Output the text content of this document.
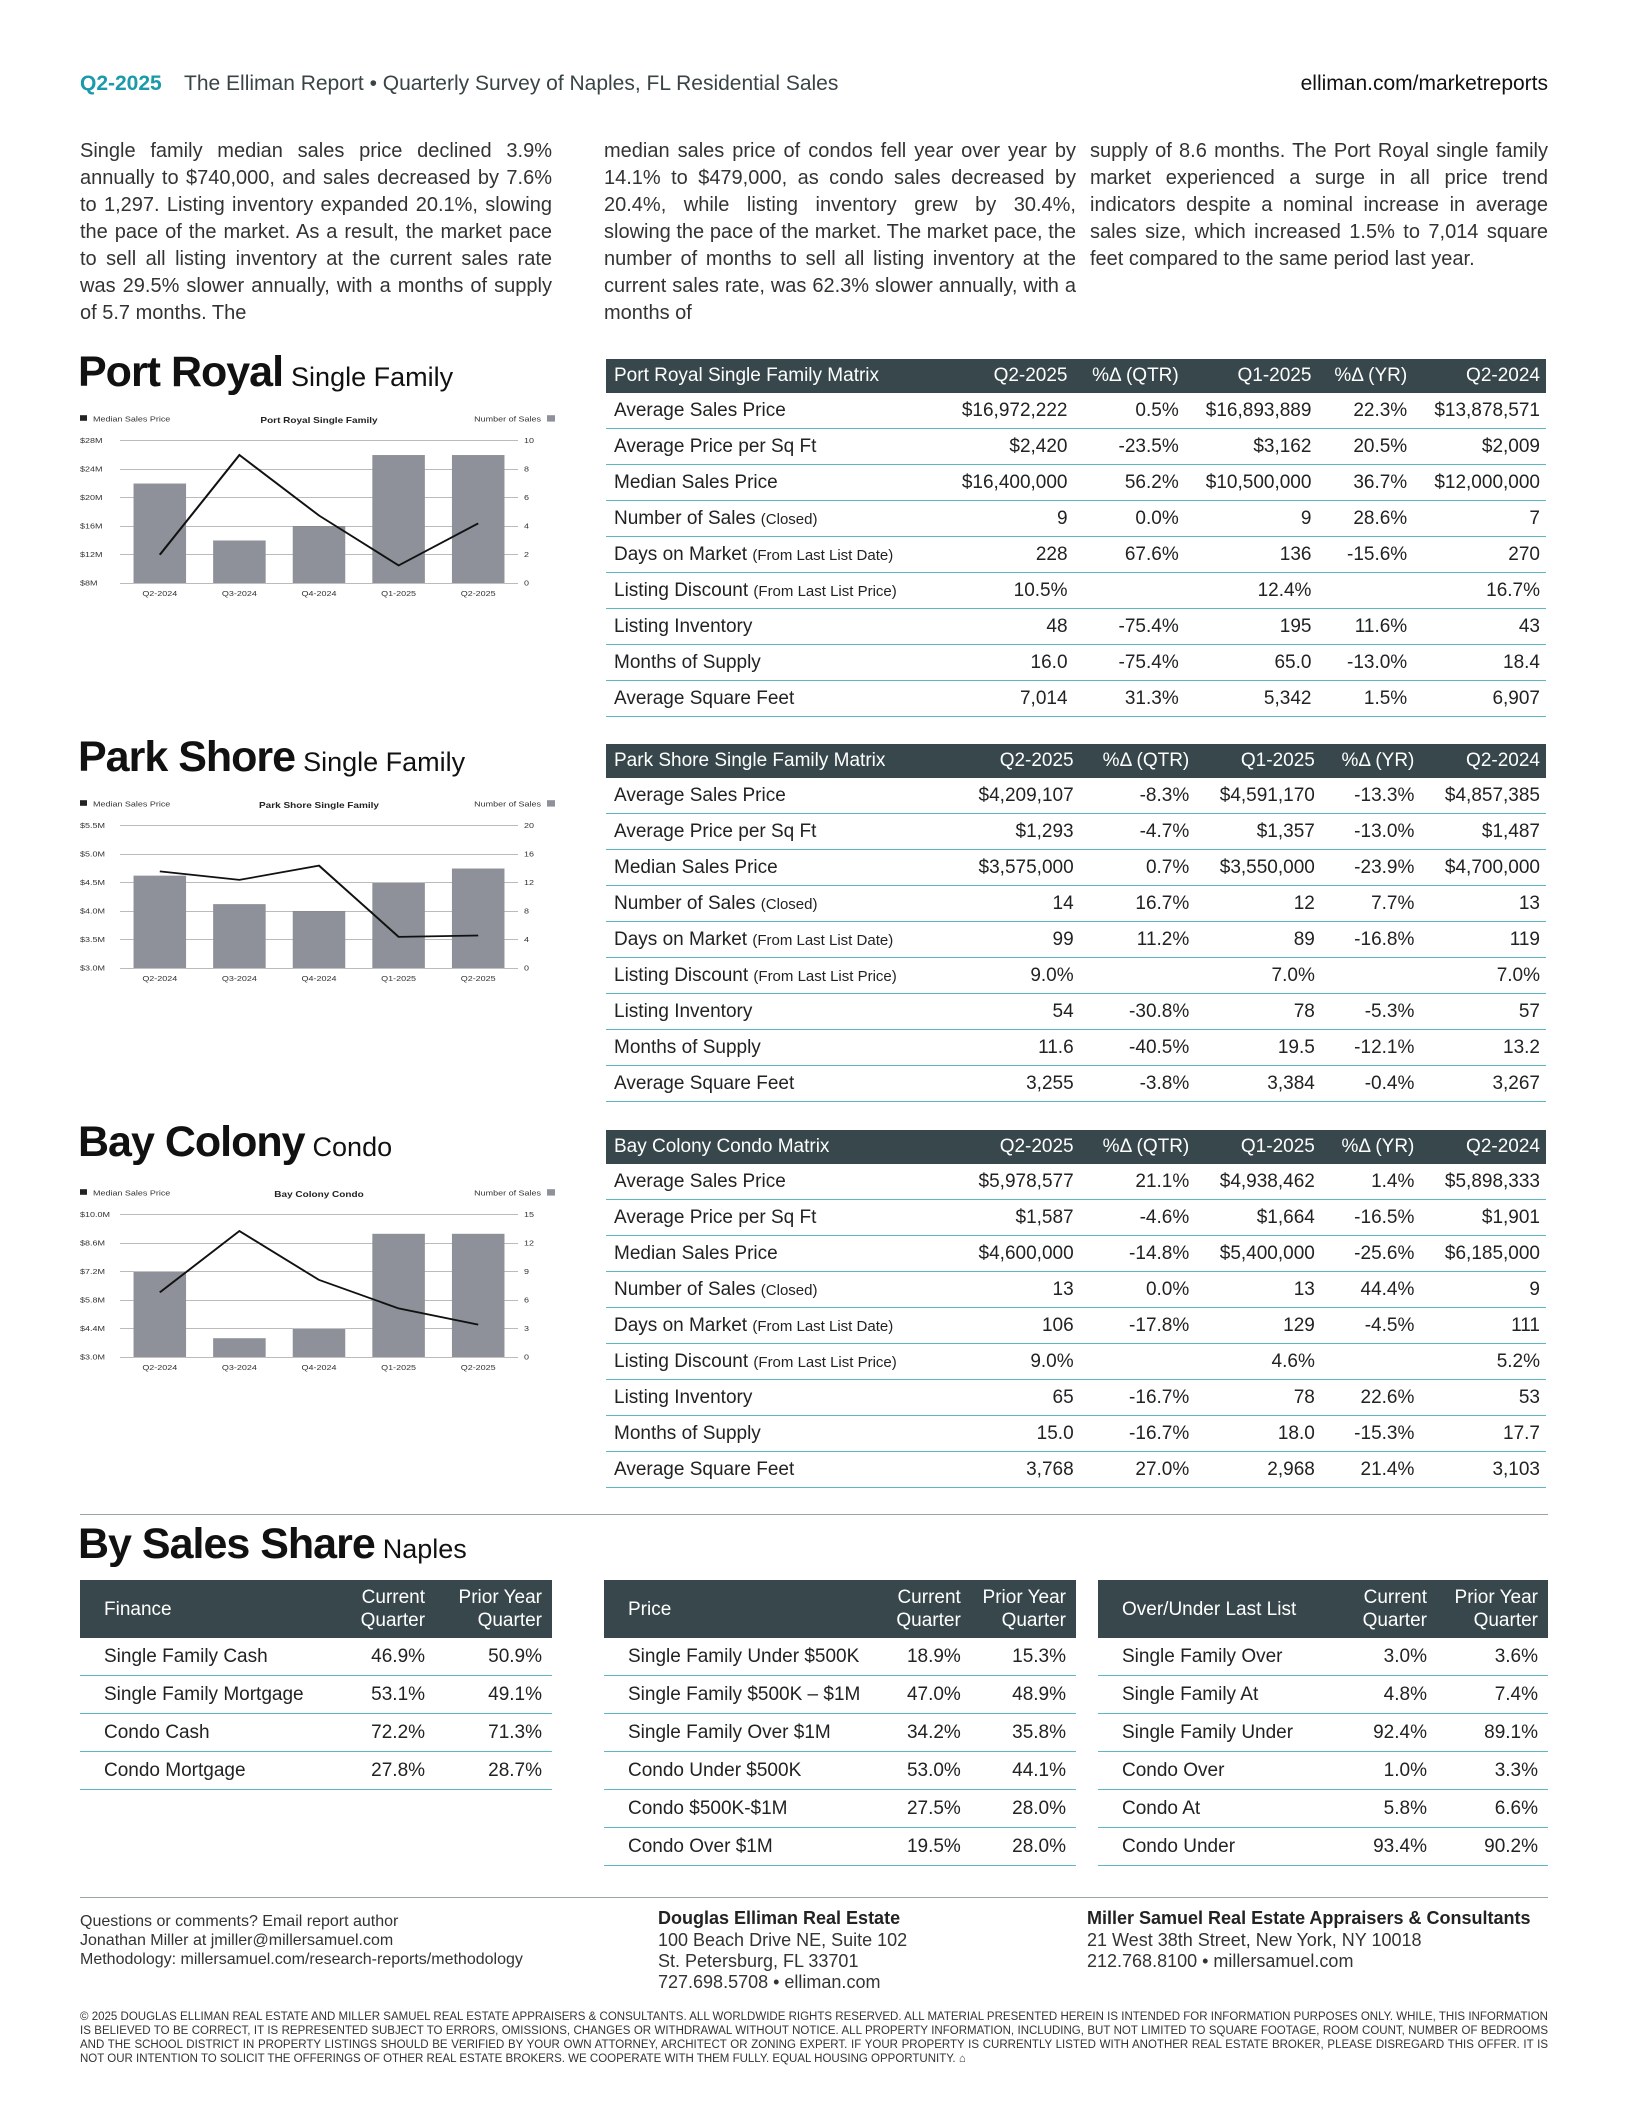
Q2-2025 The Elliman Report • Quarterly Survey of Naples, FL Residential Sales	elliman.com/marketreports
Single family median sales price declined 3.9% annually to $740,000, and sales decreased by 7.6% to 1,297. Listing inventory expanded 20.1%, slowing the pace of the market. As a result, the market pace to sell all listing inventory at the current sales rate was 29.5% slower annually, with a months of supply of 5.7 months. The
median sales price of condos fell year over year by 14.1% to $479,000, as condo sales decreased by 20.4%, while listing inventory grew by 30.4%, slowing the pace of the market. The market pace, the number of months to sell all listing inventory at the current sales rate, was 62.3% slower annually, with a months of
supply of 8.6 months. The Port Royal single family market experienced a surge in all price trend indicators despite a nominal increase in average sales size, which increased 1.5% to 7,014 square feet compared to the same period last year.
Port Royal Single Family
Park Shore Single Family
Bay Colony Condo
Median Sales Price	Port Royal Single Family	Number of Sales
$28M
$24M
$20M
$16M
$12M
$8M
10
8
6
4
2
0
Q2-2024	Q3-2024	Q4-2024	Q1-2025	Q2-2025
Median Sales Price	Park Shore Single Family	Number of Sales
$5.5M
$5.0M
$4.5M
$4.0M
$3.5M
$3.0M
20
16
12
8
4
0
Q2-2024	Q3-2024	Q4-2024	Q1-2025	Q2-2025
Median Sales Price	Bay Colony Condo	Number of Sales
$10.0M
$8.6M
$7.2M
$5.8M
$4.4M
$3.0M
15
12
9
6
3
0
Q2-2024	Q3-2024	Q4-2024	Q1-2025	Q2-2025
Port Royal Single Family Matrix	Q2-2025	%Δ (QTR)	Q1-2025	%Δ (YR)	Q2-2024
Average Sales Price	$16,972,222	0.5%	$16,893,889	22.3%	$13,878,571
Average Price per Sq Ft	$2,420	-23.5%	$3,162	20.5%	$2,009
Median Sales Price	$16,400,000	56.2%	$10,500,000	36.7%	$12,000,000
Number of Sales (Closed)	9	0.0%	9	28.6%	7
Days on Market (From Last List Date)	228	67.6%	136	-15.6%	270
Listing Discount (From Last List Price)	10.5%		12.4%		16.7%
Listing Inventory	48	-75.4%	195	11.6%	43
Months of Supply	16.0	-75.4%	65.0	-13.0%	18.4
Average Square Feet	7,014	31.3%	5,342	1.5%	6,907
Park Shore Single Family Matrix	Q2-2025	%Δ (QTR)	Q1-2025	%Δ (YR)	Q2-2024
Average Sales Price	$4,209,107	-8.3%	$4,591,170	-13.3%	$4,857,385
Average Price per Sq Ft	$1,293	-4.7%	$1,357	-13.0%	$1,487
Median Sales Price	$3,575,000	0.7%	$3,550,000	-23.9%	$4,700,000
Number of Sales (Closed)	14	16.7%	12	7.7%	13
Days on Market (From Last List Date)	99	11.2%	89	-16.8%	119
Listing Discount (From Last List Price)	9.0%		7.0%		7.0%
Listing Inventory	54	-30.8%	78	-5.3%	57
Months of Supply	11.6	-40.5%	19.5	-12.1%	13.2
Average Square Feet	3,255	-3.8%	3,384	-0.4%	3,267
Bay Colony Condo Matrix	Q2-2025	%Δ (QTR)	Q1-2025	%Δ (YR)	Q2-2024
Average Sales Price	$5,978,577	21.1%	$4,938,462	1.4%	$5,898,333
Average Price per Sq Ft	$1,587	-4.6%	$1,664	-16.5%	$1,901
Median Sales Price	$4,600,000	-14.8%	$5,400,000	-25.6%	$6,185,000
Number of Sales (Closed)	13	0.0%	13	44.4%	9
Days on Market (From Last List Date)	106	-17.8%	129	-4.5%	111
Listing Discount (From Last List Price)	9.0%		4.6%		5.2%
Listing Inventory	65	-16.7%	78	22.6%	53
Months of Supply	15.0	-16.7%	18.0	-15.3%	17.7
Average Square Feet	3,768	27.0%	2,968	21.4%	3,103
By Sales Share Naples
Finance	Current Quarter	Prior Year Quarter
Single Family Cash	46.9%	50.9%
Single Family Mortgage	53.1%	49.1%
Condo Cash	72.2%	71.3%
Condo Mortgage	27.8%	28.7%
Price	Current Quarter	Prior Year Quarter
Single Family Under $500K	18.9%	15.3%
Single Family $500K – $1M	47.0%	48.9%
Single Family Over $1M	34.2%	35.8%
Condo Under $500K	53.0%	44.1%
Condo $500K-$1M	27.5%	28.0%
Condo Over $1M	19.5%	28.0%
Over/Under Last List	Current Quarter	Prior Year Quarter
Single Family Over	3.0%	3.6%
Single Family At	4.8%	7.4%
Single Family Under	92.4%	89.1%
Condo Over	1.0%	3.3%
Condo At	5.8%	6.6%
Condo Under	93.4%	90.2%
Questions or comments? Email report author
Jonathan Miller at jmiller@millersamuel.com
Methodology: millersamuel.com/research-reports/methodology
Douglas Elliman Real Estate
100 Beach Drive NE, Suite 102
St. Petersburg, FL 33701
727.698.5708 • elliman.com
Miller Samuel Real Estate Appraisers & Consultants
21 West 38th Street, New York, NY 10018
212.768.8100 • millersamuel.com
© 2025 DOUGLAS ELLIMAN REAL ESTATE AND MILLER SAMUEL REAL ESTATE APPRAISERS & CONSULTANTS. ALL WORLDWIDE RIGHTS RESERVED. ALL MATERIAL PRESENTED HEREIN IS INTENDED FOR INFORMATION PURPOSES ONLY. WHILE, THIS INFORMATION IS BELIEVED TO BE CORRECT, IT IS REPRESENTED SUBJECT TO ERRORS, OMISSIONS, CHANGES OR WITHDRAWAL WITHOUT NOTICE. ALL PROPERTY INFORMATION, INCLUDING, BUT NOT LIMITED TO SQUARE FOOTAGE, ROOM COUNT, NUMBER OF BEDROOMS AND THE SCHOOL DISTRICT IN PROPERTY LISTINGS SHOULD BE VERIFIED BY YOUR OWN ATTORNEY, ARCHITECT OR ZONING EXPERT. IF YOUR PROPERTY IS CURRENTLY LISTED WITH ANOTHER REAL ESTATE BROKER, PLEASE DISREGARD THIS OFFER. IT IS NOT OUR INTENTION TO SOLICIT THE OFFERINGS OF OTHER REAL ESTATE BROKERS. WE COOPERATE WITH THEM FULLY. EQUAL HOUSING OPPORTUNITY. ⌂
